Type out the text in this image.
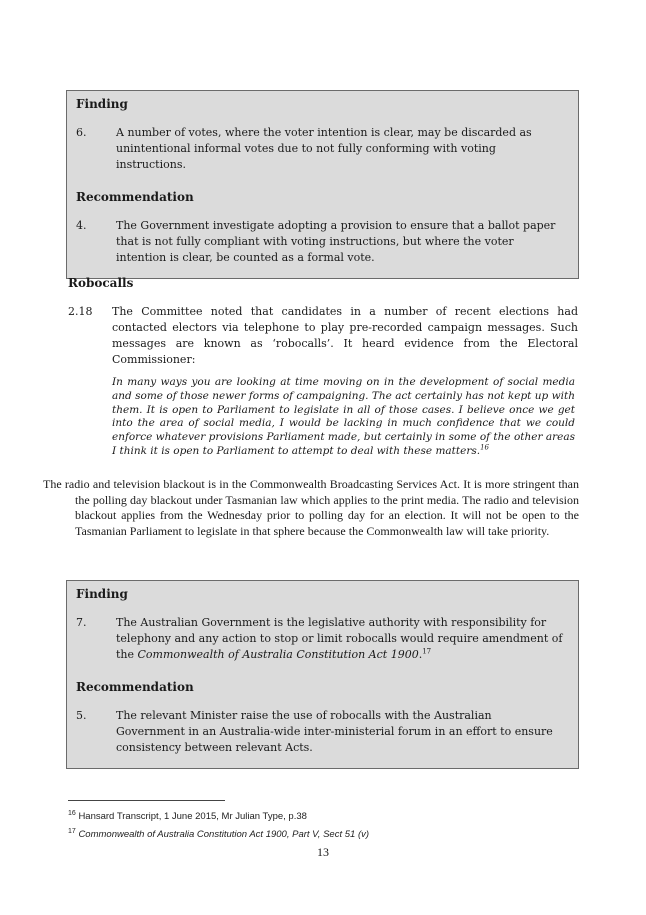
Finding
6.	A number of votes, where the voter intention is clear, may be discarded as unintentional informal votes due to not fully conforming with voting instructions.
Recommendation
4.	The Government investigate adopting a provision to ensure that a ballot paper that is not fully compliant with voting instructions, but where the voter intention is clear, be counted as a formal vote.
Robocalls
2.18	The Committee noted that candidates in a number of recent elections had contacted electors via telephone to play pre-recorded campaign messages. Such messages are known as ‘robocalls’. It heard evidence from the Electoral Commissioner:
In many ways you are looking at time moving on in the development of social media and some of those newer forms of campaigning. The act certainly has not kept up with them. It is open to Parliament to legislate in all of those cases. I believe once we get into the area of social media, I would be lacking in much confidence that we could enforce whatever provisions Parliament made, but certainly in some of the other areas I think it is open to Parliament to attempt to deal with these matters.$^{16}$
The radio and television blackout is in the Commonwealth Broadcasting Services Act. It is more stringent than the polling day blackout under Tasmanian law which applies to the print media. The radio and television blackout applies from the Wednesday prior to polling day for an election. It will not be open to the Tasmanian Parliament to legislate in that sphere because the Commonwealth law will take priority.
Finding
7.	The Australian Government is the legislative authority with responsibility for telephony and any action to stop or limit robocalls would require amendment of the Commonwealth of Australia Constitution Act 1900.17
Recommendation
5.	The relevant Minister raise the use of robocalls with the Australian Government in an Australia-wide inter-ministerial forum in an effort to ensure consistency between relevant Acts.
$^{16}$ Hansard Transcript, 1 June 2015, Mr Julian Type, p.38
$^{17}$ Commonwealth of Australia Constitution Act 1900, Part V, Sect 51 (v)
13
